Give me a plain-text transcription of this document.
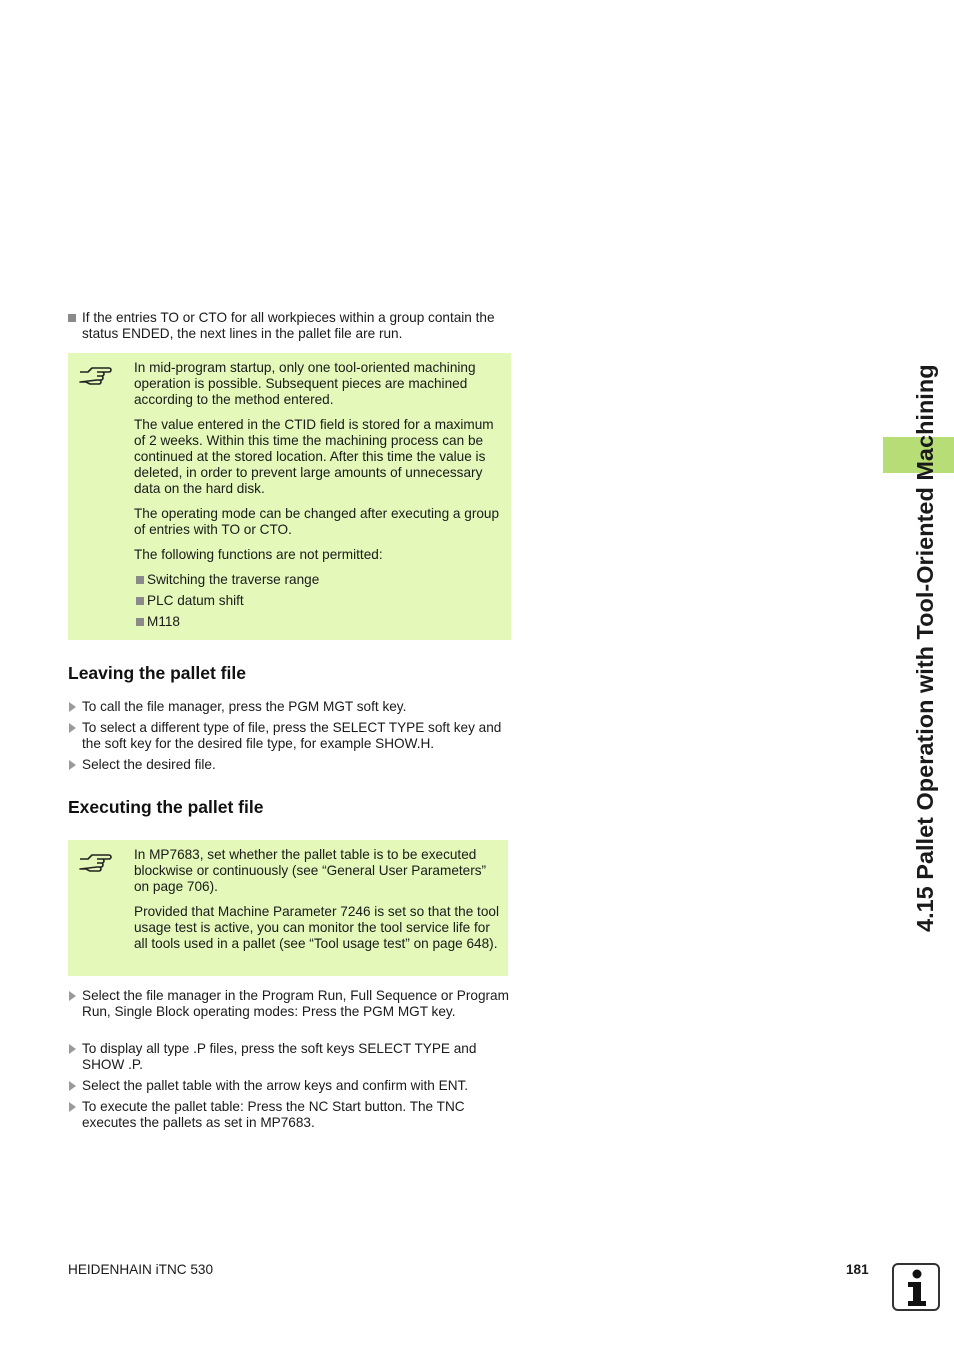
If the entries TO or CTO for all workpieces within a group contain the status ENDED, the next lines in the pallet file are run.

In mid-program startup, only one tool-oriented machining operation is possible. Subsequent pieces are machined according to the method entered.

The value entered in the CTID field is stored for a maximum of 2 weeks. Within this time the machining process can be continued at the stored location. After this time the value is deleted, in order to prevent large amounts of unnecessary data on the hard disk.

The operating mode can be changed after executing a group of entries with TO or CTO.

The following functions are not permitted:

Switching the traverse range
PLC datum shift
M118
Leaving the pallet file

To call the file manager, press the PGM MGT soft key.

To select a different type of file, press the SELECT TYPE soft key and the soft key for the desired file type, for example SHOW.H.

Select the desired file.

Executing the pallet file

In MP7683, set whether the pallet table is to be executed blockwise or continuously (see “General User Parameters” on page 706).

Provided that Machine Parameter 7246 is set so that the tool usage test is active, you can monitor the tool service life for all tools used in a pallet (see “Tool usage test” on page 648).

Select the file manager in the Program Run, Full Sequence or Program Run, Single Block operating modes: Press the PGM MGT key.

To display all type .P files, press the soft keys SELECT TYPE and SHOW .P.

Select the pallet table with the arrow keys and confirm with ENT.

To execute the pallet table: Press the NC Start button. The TNC executes the pallets as set in MP7683.

4.15 Pallet Operation with Tool-Oriented Machining
HEIDENHAIN iTNC 530	181
